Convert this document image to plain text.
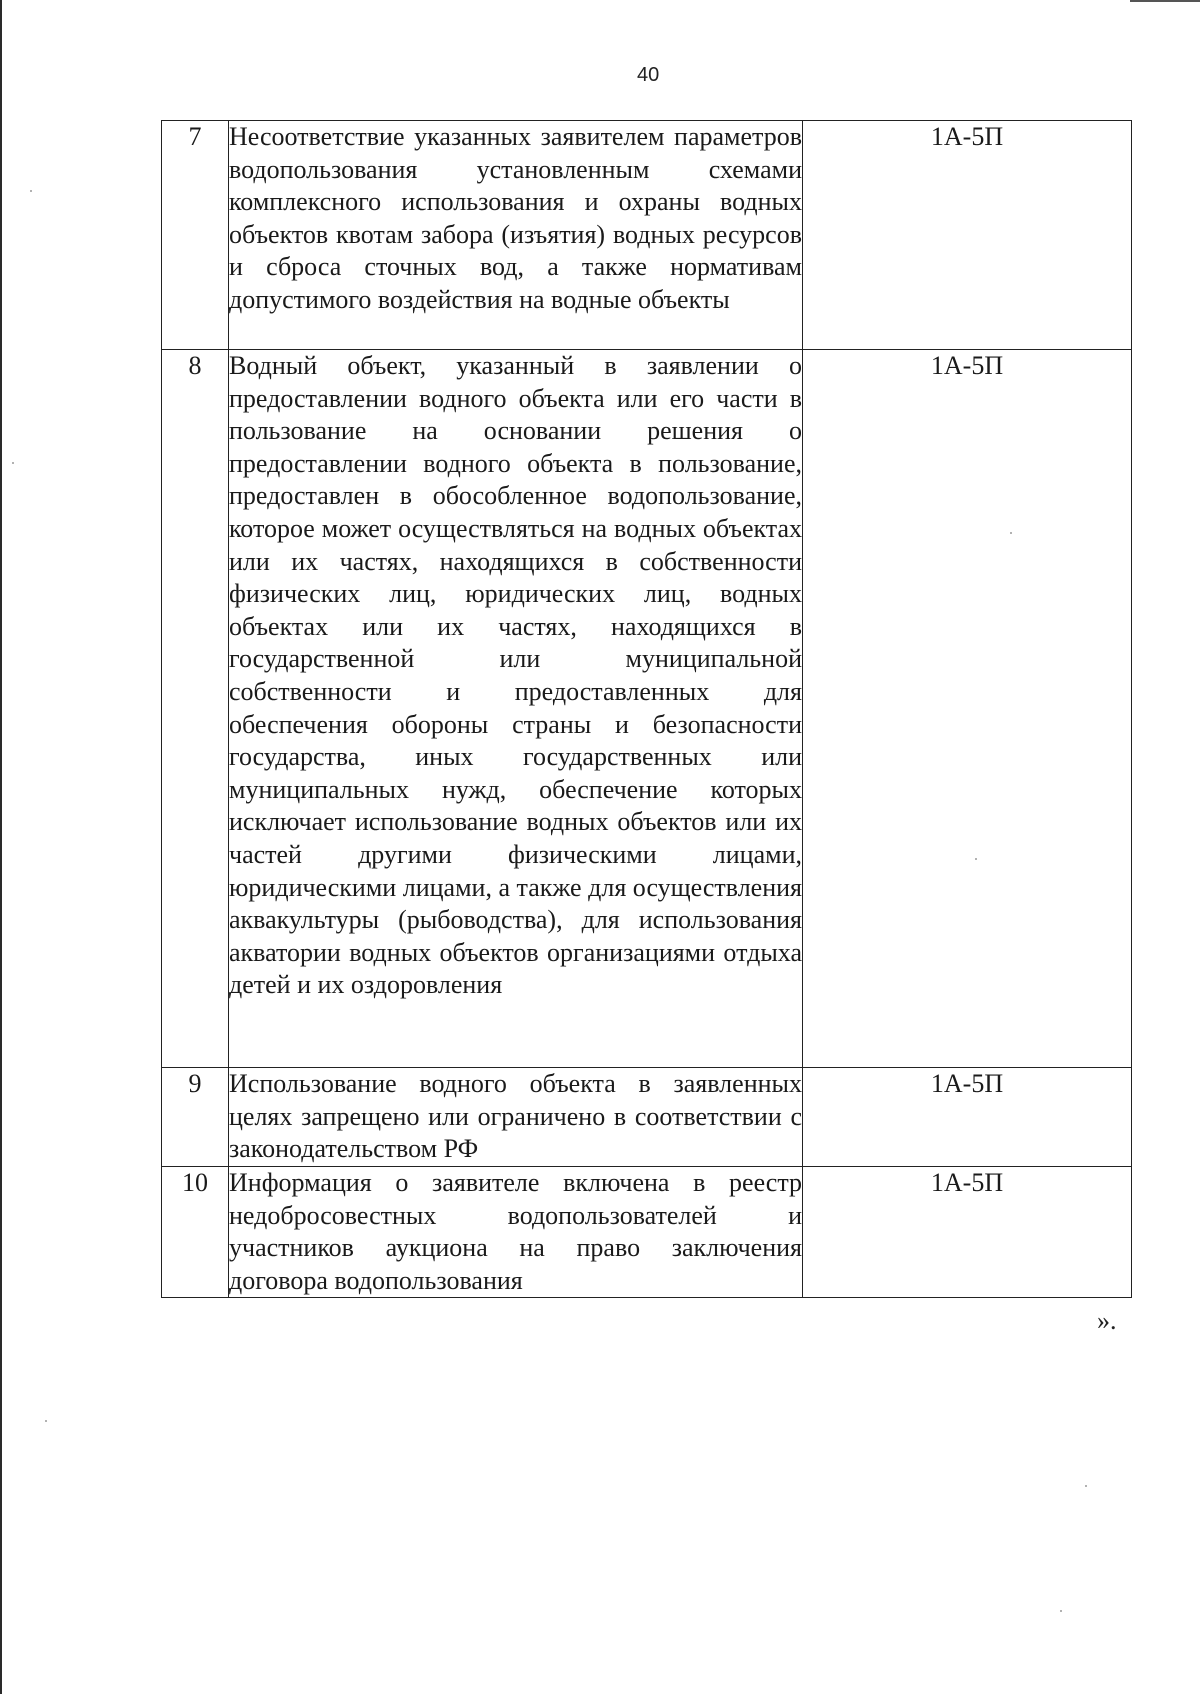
40
7	Несоответствие указанных заявителем параметров водопользования установленным схемами комплексного использования и охраны водных объектов квотам забора (изъятия) водных ресурсов и сброса сточных вод, а также нормативам допустимого воздействия на водные объекты	1А-5П
8	Водный объект, указанный в заявлении о предоставлении водного объекта или его части в пользование на основании решения о предоставлении водного объекта в пользование, предоставлен в обособленное водопользование, которое может осуществляться на водных объектах или их частях, находящихся в собственности физических лиц, юридических лиц, водных объектах или их частях, находящихся в государственной или муниципальной собственности и предоставленных для обеспечения обороны страны и безопасности государства, иных государственных или муниципальных нужд, обеспечение которых исключает использование водных объектов или их частей другими физическими лицами, юридическими лицами, а также для осуществления аквакультуры (рыбоводства), для использования акватории водных объектов организациями отдыха детей и их оздоровления	1А-5П
9	Использование водного объекта в заявленных целях запрещено или ограничено в соответствии с законодательством РФ	1А-5П
10	Информация о заявителе включена в реестр недобросовестных водопользователей и участников аукциона на право заключения договора водопользования	1А-5П
».
